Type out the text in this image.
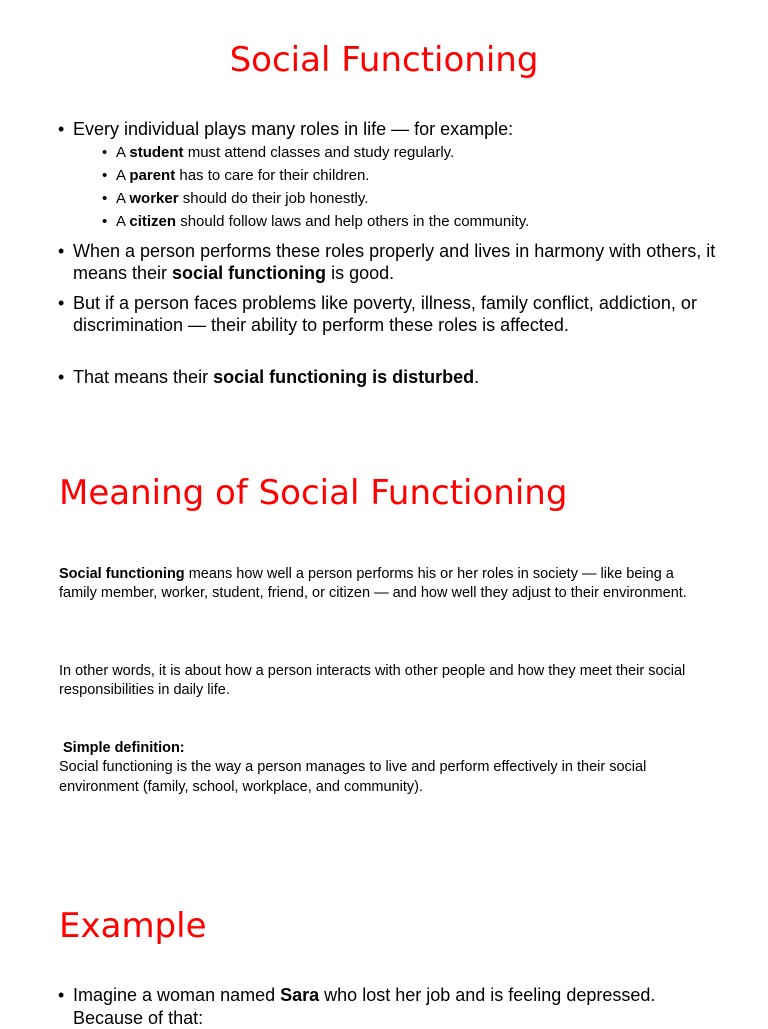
Social Functioning
• Every individual plays many roles in life — for example:
• A student must attend classes and study regularly.
• A parent has to care for their children.
• A worker should do their job honestly.
• A citizen should follow laws and help others in the community.
• When a person performs these roles properly and lives in harmony with others, it means their social functioning is good.
• But if a person faces problems like poverty, illness, family conflict, addiction, or discrimination — their ability to perform these roles is affected.
• That means their social functioning is disturbed.
Meaning of Social Functioning

Social functioning means how well a person performs his or her roles in society — like being a family member, worker, student, friend, or citizen — and how well they adjust to their environment.

In other words, it is about how a person interacts with other people and how they meet their social responsibilities in daily life.

Simple definition:
Social functioning is the way a person manages to live and perform effectively in their social environment (family, school, workplace, and community).

Example
• Imagine a woman named Sara who lost her job and is feeling depressed. Because of that:
